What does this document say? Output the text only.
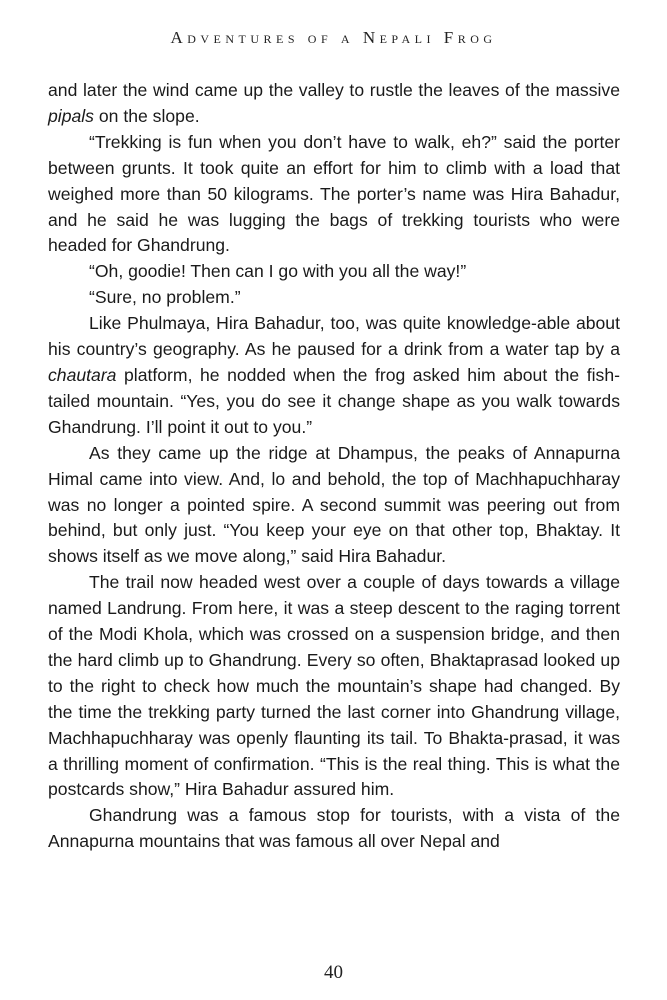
Adventures of a Nepali Frog

and later the wind came up the valley to rustle the leaves of the massive pipals on the slope.

“Trekking is fun when you don’t have to walk, eh?” said the porter between grunts. It took quite an effort for him to climb with a load that weighed more than 50 kilograms. The porter’s name was Hira Bahadur, and he said he was lugging the bags of trekking tourists who were headed for Ghandrung.

“Oh, goodie! Then can I go with you all the way!”

“Sure, no problem.”

Like Phulmaya, Hira Bahadur, too, was quite knowledge-able about his country’s geography. As he paused for a drink from a water tap by a chautara platform, he nodded when the frog asked him about the fish-tailed mountain. “Yes, you do see it change shape as you walk towards Ghandrung. I’ll point it out to you.”

As they came up the ridge at Dhampus, the peaks of Annapurna Himal came into view. And, lo and behold, the top of Machhapuchharay was no longer a pointed spire. A second summit was peering out from behind, but only just. “You keep your eye on that other top, Bhaktay. It shows itself as we move along,” said Hira Bahadur.

The trail now headed west over a couple of days towards a village named Landrung. From here, it was a steep descent to the raging torrent of the Modi Khola, which was crossed on a suspension bridge, and then the hard climb up to Ghandrung. Every so often, Bhaktaprasad looked up to the right to check how much the mountain’s shape had changed. By the time the trekking party turned the last corner into Ghandrung village, Machhapuchharay was openly flaunting its tail. To Bhakta-prasad, it was a thrilling moment of confirmation. “This is the real thing. This is what the postcards show,” Hira Bahadur assured him.

Ghandrung was a famous stop for tourists, with a vista of the Annapurna mountains that was famous all over Nepal and

40
